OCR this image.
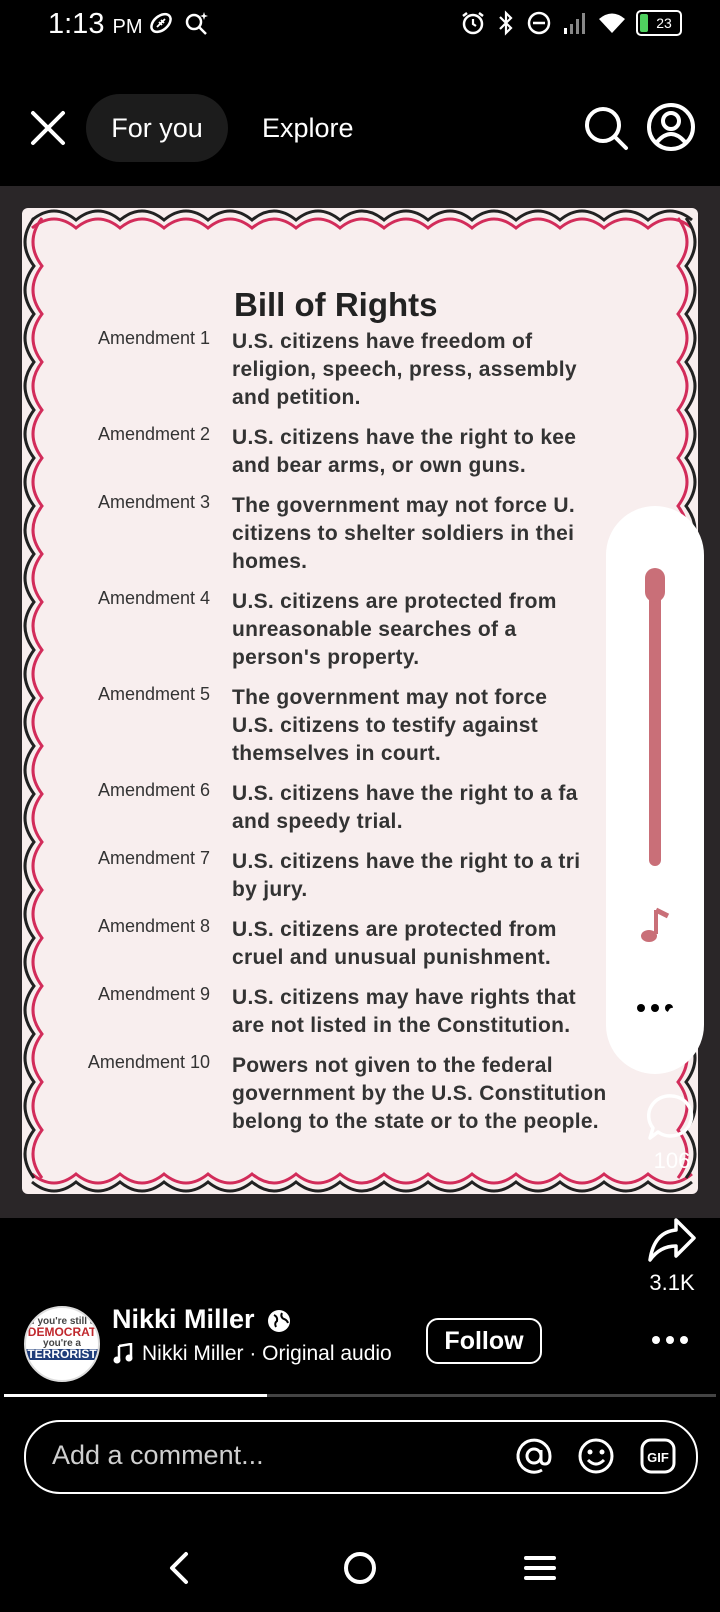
1:13 PM	23
For you	Explore
Bill of Rights
Amendment 1 U.S. citizens have freedom of
religion, speech, press, assembly
and petition.
Amendment 2 U.S. citizens have the right to kee
and bear arms, or own guns.
Amendment 3 The government may not force U.
citizens to shelter soldiers in thei
homes.
Amendment 4 U.S. citizens are protected from
unreasonable searches of a
person's property.
Amendment 5 The government may not force
U.S. citizens to testify against
themselves in court.
Amendment 6 U.S. citizens have the right to a fa
and speedy trial.
Amendment 7 U.S. citizens have the right to a tri
by jury.
Amendment 8 U.S. citizens are protected from
cruel and unusual punishment.
Amendment 9 U.S. citizens may have rights that
are not listed in the Constitution.
Amendment 10 Powers not given to the federal
government by the U.S. Constitution
belong to the state or to the people.
106
3.1K
if you're still a
DEMOCRAT
you're a
TERRORIST
Nikki Miller
Nikki Miller · Original audio	Follow
Add a comment...	GIF
